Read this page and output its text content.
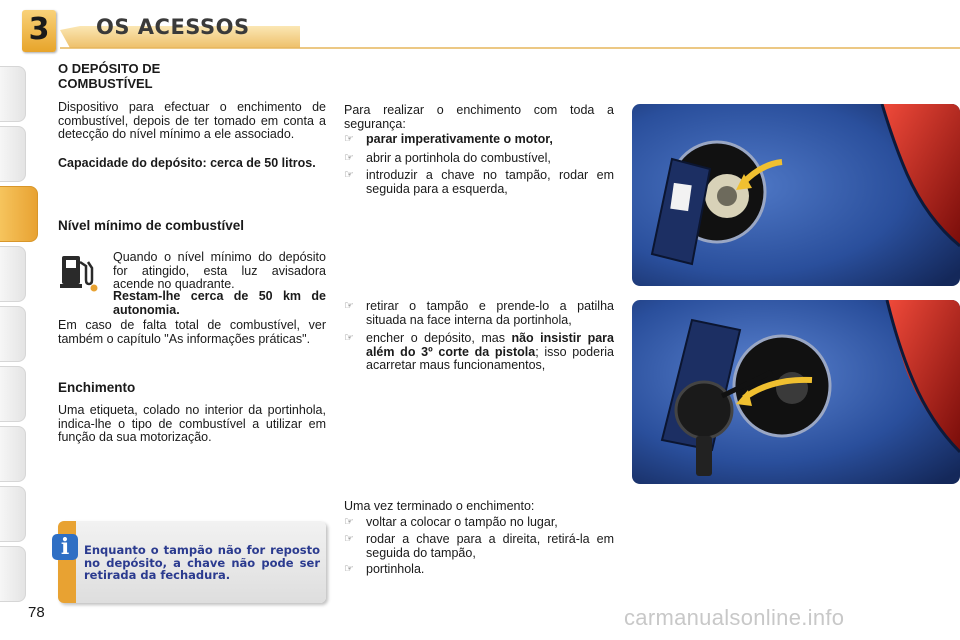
3	OS ACESSOS
O DEPÓSITO DE
COMBUSTÍVEL
Dispositivo para efectuar o enchimento de combustível, depois de ter tomado em conta a detecção do nível mínimo a ele associado.
Capacidade do depósito: cerca de 50 litros.
Nível mínimo de combustível
Quando o nível mínimo do depósito for atingido, esta luz avisadora acende no quadrante.
Restam-lhe cerca de 50 km de autonomia.
Em caso de falta total de combustível, ver também o capítulo "As informações práticas".
Enchimento
Uma etiqueta, colado no interior da portinhola, indica-lhe o tipo de combustível a utilizar em função da sua motorização.
i	Enquanto o tampão não for reposto no depósito, a chave não pode ser retirada da fechadura.
Para realizar o enchimento com toda a segurança:
☞ parar imperativamente o motor,
☞ abrir a portinhola do combustível,
☞ introduzir a chave no tampão, rodar em seguida para a esquerda,
☞ retirar o tampão e prende-lo a patilha situada na face interna da portinhola,
☞ encher o depósito, mas não insistir para além do 3º corte da pistola; isso poderia acarretar maus funcionamentos,
Uma vez terminado o enchimento:
☞ voltar a colocar o tampão no lugar,
☞ rodar a chave para a direita, retirá-la em seguida do tampão,
☞ portinhola.
78	carmanualsonline.info
